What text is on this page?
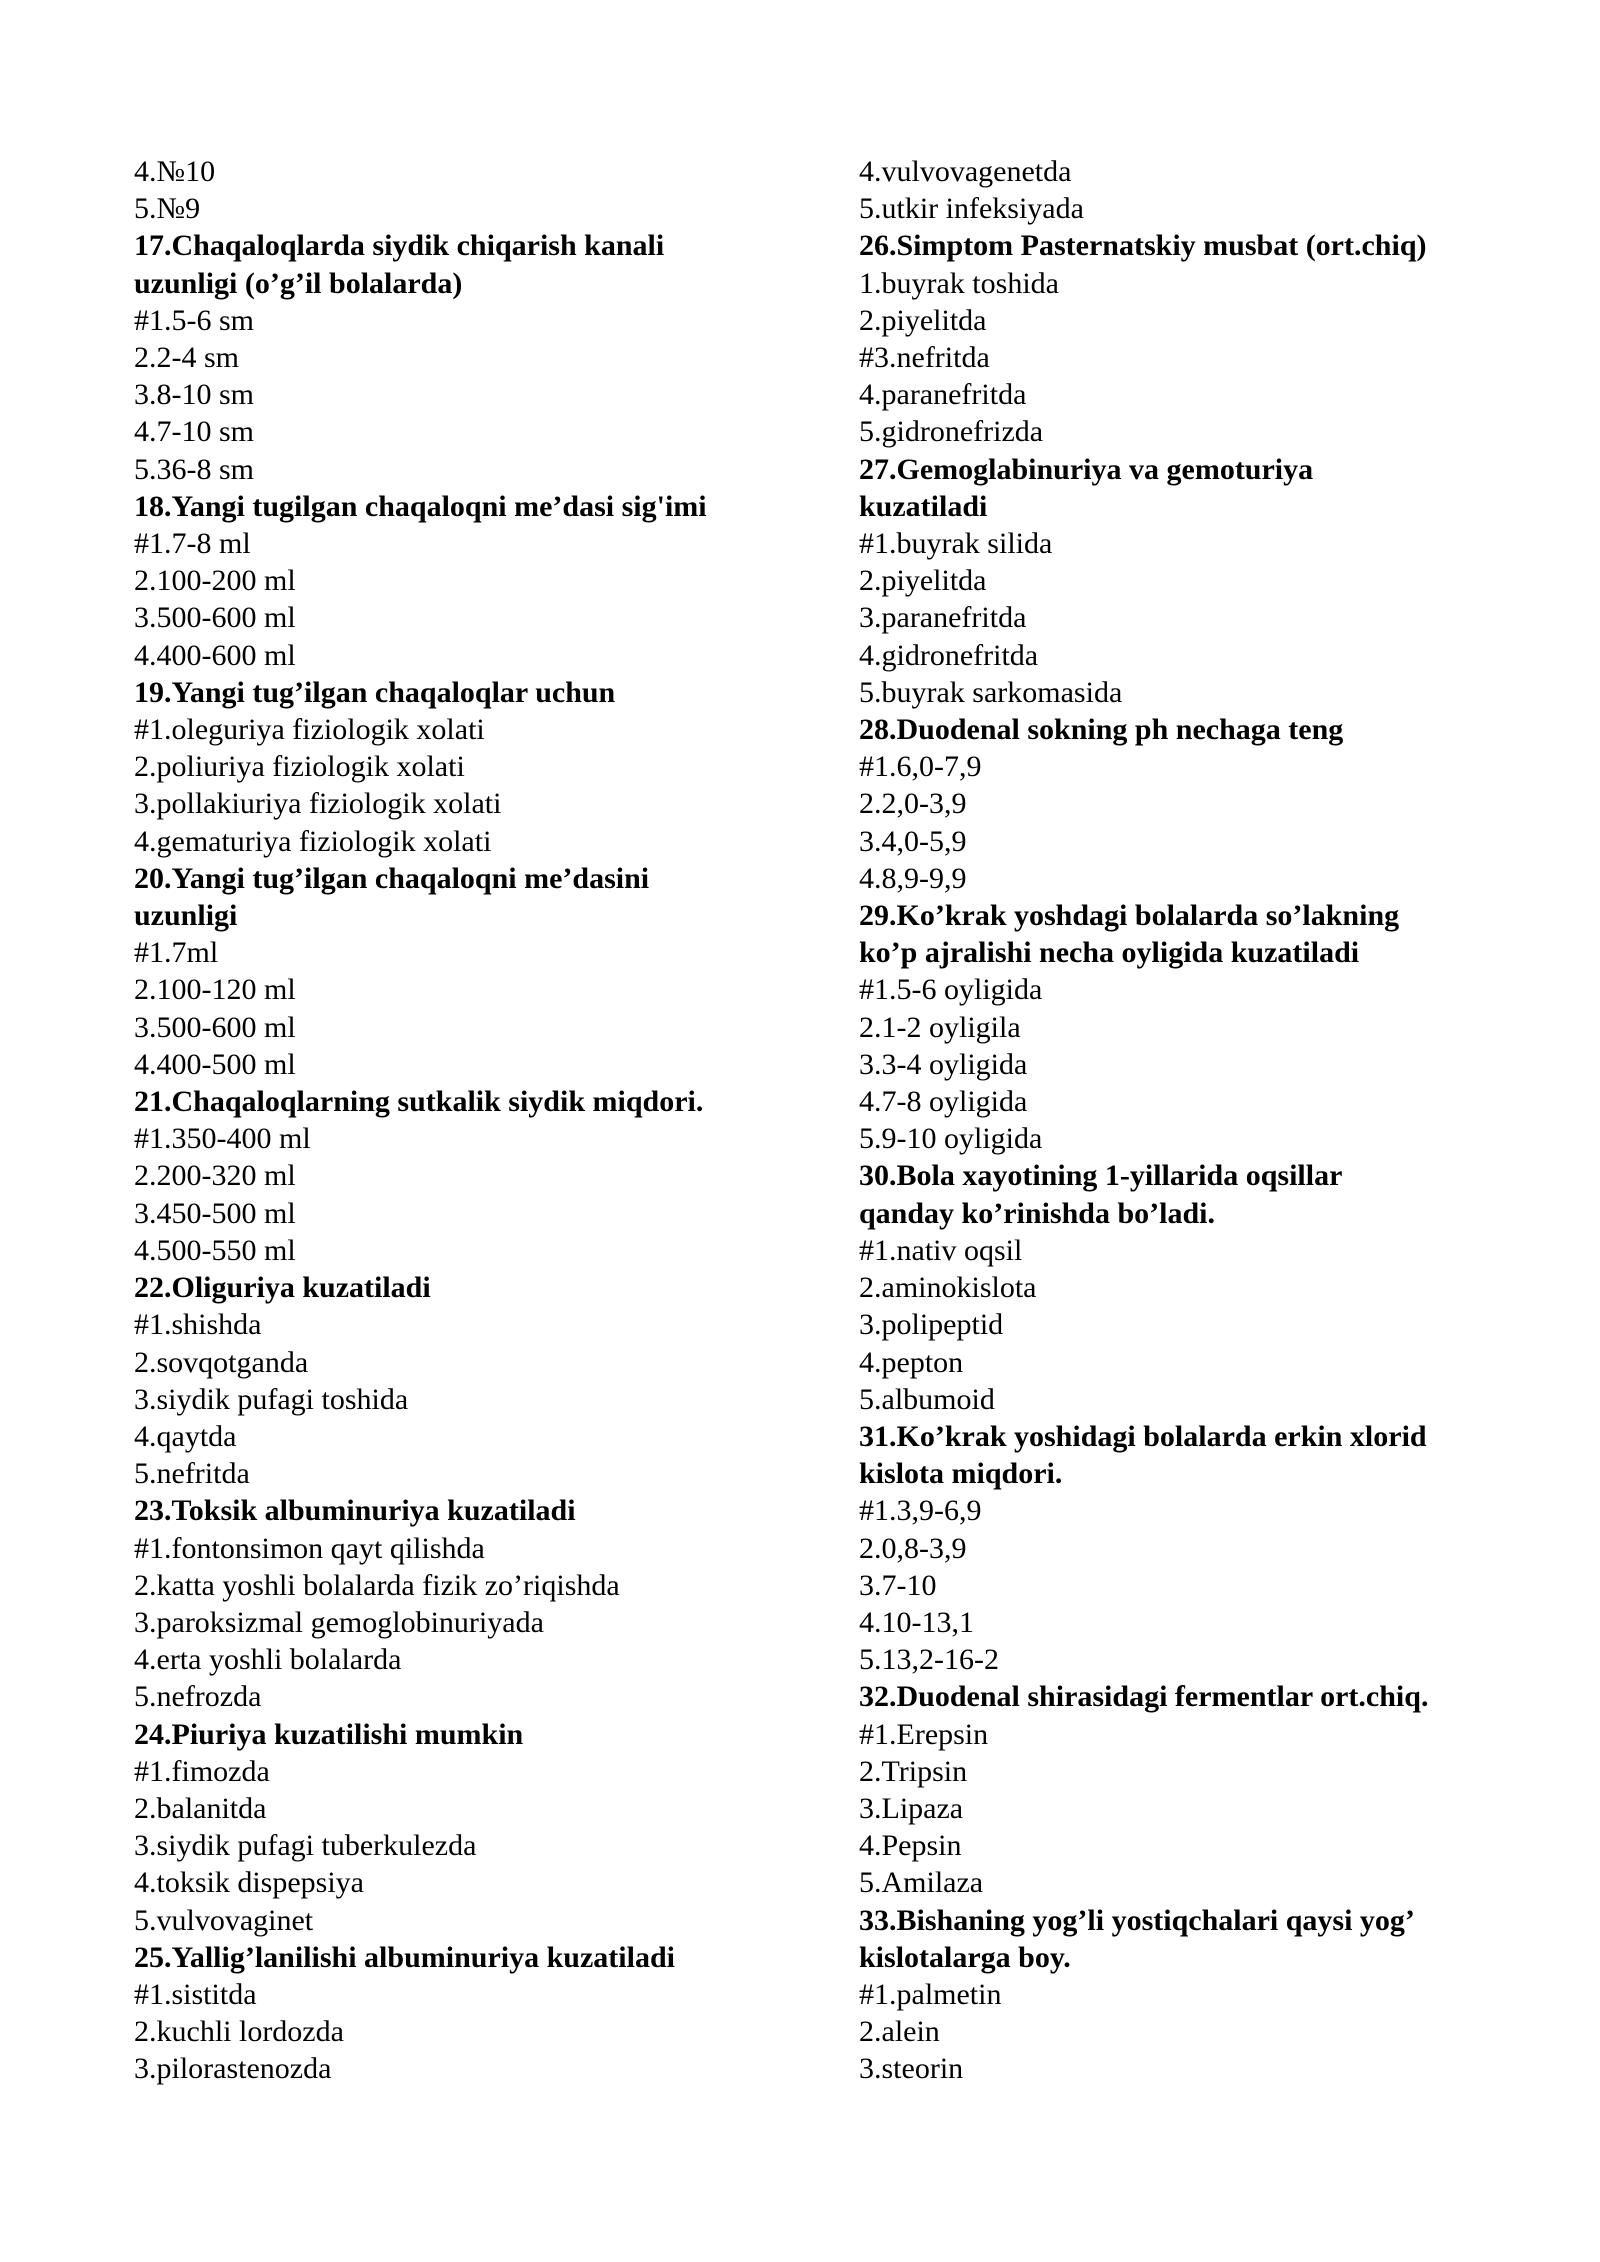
4.№10
5.№9
17.Chaqaloqlarda siydik chiqarish kanali
uzunligi (o’g’il bolalarda)
#1.5-6 sm
2.2-4 sm
3.8-10 sm
4.7-10 sm
5.36-8 sm
18.Yangi tugilgan chaqaloqni me’dasi sig'imi
#1.7-8 ml
2.100-200 ml
3.500-600 ml
4.400-600 ml
19.Yangi tug’ilgan chaqaloqlar uchun
#1.oleguriya fiziologik xolati
2.poliuriya fiziologik xolati
3.pollakiuriya fiziologik xolati
4.gematuriya fiziologik xolati
20.Yangi tug’ilgan chaqaloqni me’dasini
uzunligi
#1.7ml
2.100-120 ml
3.500-600 ml
4.400-500 ml
21.Chaqaloqlarning sutkalik siydik miqdori.
#1.350-400 ml
2.200-320 ml
3.450-500 ml
4.500-550 ml
22.Oliguriya kuzatiladi
#1.shishda
2.sovqotganda
3.siydik pufagi toshida
4.qaytda
5.nefritda
23.Toksik albuminuriya kuzatiladi
#1.fontonsimon qayt qilishda
2.katta yoshli bolalarda fizik zo’riqishda
3.paroksizmal gemoglobinuriyada
4.erta yoshli bolalarda
5.nefrozda
24.Piuriya kuzatilishi mumkin
#1.fimozda
2.balanitda
3.siydik pufagi tuberkulezda
4.toksik dispepsiya
5.vulvovaginet
25.Yallig’lanilishi albuminuriya kuzatiladi
#1.sistitda
2.kuchli lordozda
3.pilorastenozda
4.vulvovagenetda
5.utkir infeksiyada
26.Simptom Pasternatskiy musbat (ort.chiq)
1.buyrak toshida
2.piyelitda
#3.nefritda
4.paranefritda
5.gidronefrizda
27.Gemoglabinuriya va gemoturiya
kuzatiladi
#1.buyrak silida
2.piyelitda
3.paranefritda
4.gidronefritda
5.buyrak sarkomasida
28.Duodenal sokning ph nechaga teng
#1.6,0-7,9
2.2,0-3,9
3.4,0-5,9
4.8,9-9,9
29.Ko’krak yoshdagi bolalarda so’lakning
ko’p ajralishi necha oyligida kuzatiladi
#1.5-6 oyligida
2.1-2 oyligila
3.3-4 oyligida
4.7-8 oyligida
5.9-10 oyligida
30.Bola xayotining 1-yillarida oqsillar
qanday ko’rinishda bo’ladi.
#1.nativ oqsil
2.aminokislota
3.polipeptid
4.pepton
5.albumoid
31.Ko’krak yoshidagi bolalarda erkin xlorid
kislota miqdori.
#1.3,9-6,9
2.0,8-3,9
3.7-10
4.10-13,1
5.13,2-16-2
32.Duodenal shirasidagi fermentlar ort.chiq.
#1.Erepsin
2.Tripsin
3.Lipaza
4.Pepsin
5.Amilaza
33.Bishaning yog’li yostiqchalari qaysi yog’
kislotalarga boy.
#1.palmetin
2.alein
3.steorin
